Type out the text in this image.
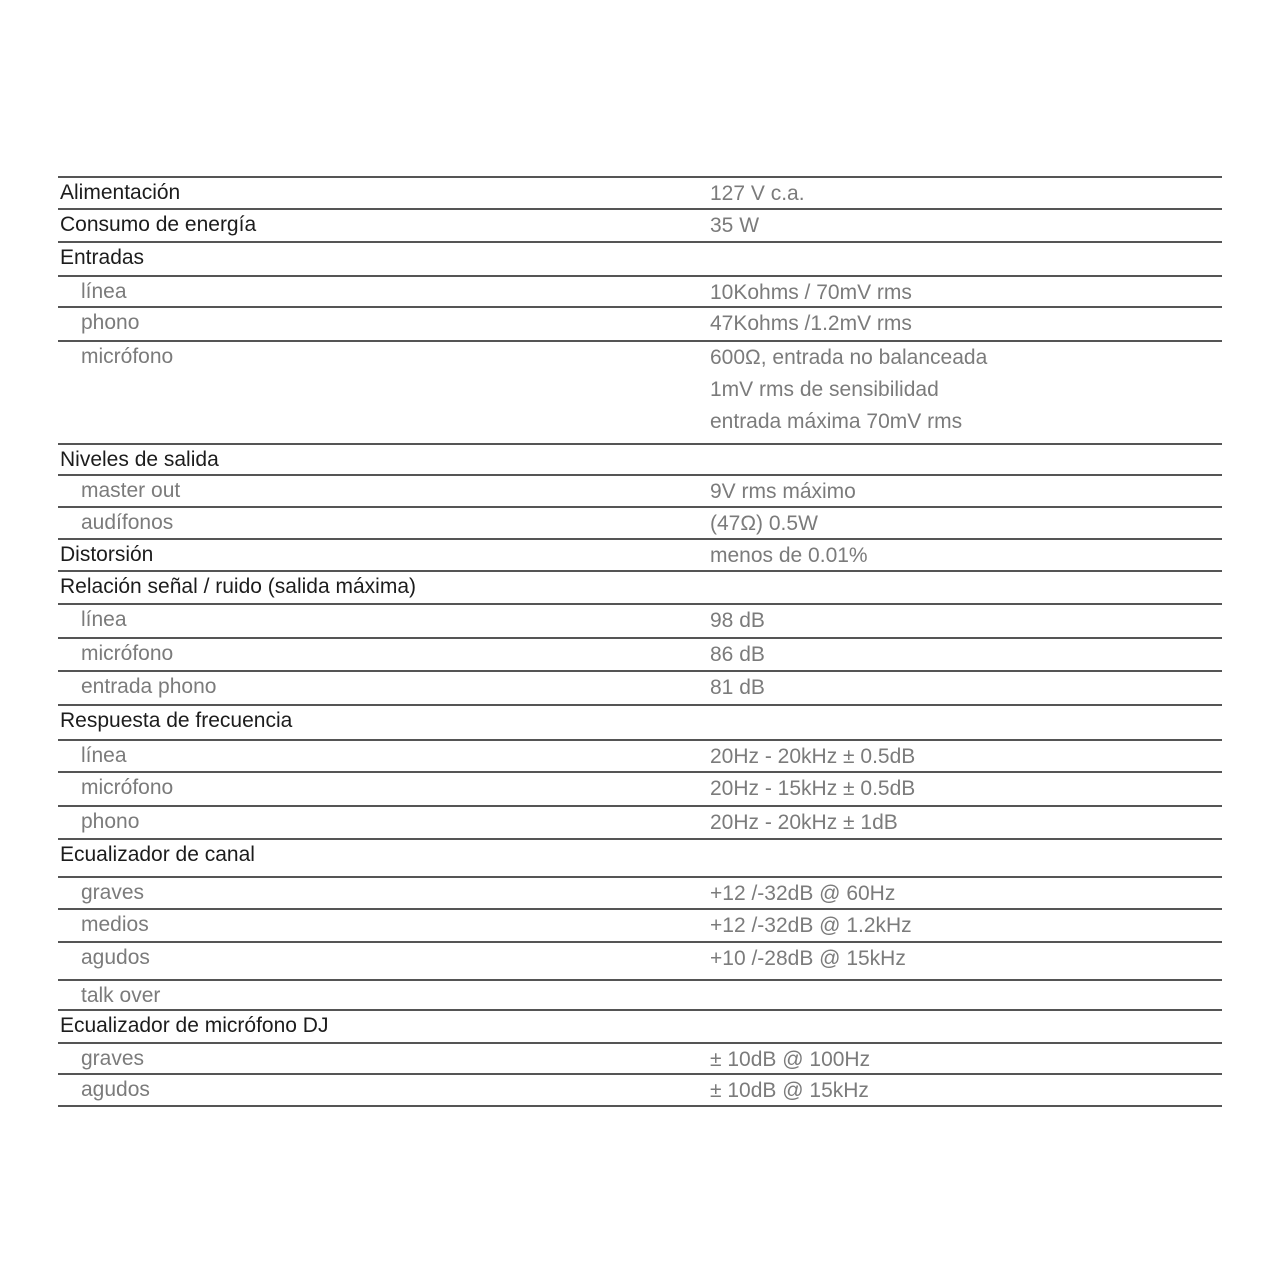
Alimentación	127 V c.a.
Consumo de energía	35 W
Entradas
línea	10Kohms / 70mV rms
phono	47Kohms /1.2mV rms
micrófono	600Ω, entrada no balanceada
1mV rms de sensibilidad
entrada máxima 70mV rms
Niveles de salida
master out	9V rms máximo
audífonos	(47Ω) 0.5W
Distorsión	menos de 0.01%
Relación señal / ruido (salida máxima)
línea	98 dB
micrófono	86 dB
entrada phono	81 dB
Respuesta de frecuencia
línea	20Hz - 20kHz ± 0.5dB
micrófono	20Hz - 15kHz ± 0.5dB
phono	20Hz - 20kHz ± 1dB
Ecualizador de canal
graves	+12 /-32dB @ 60Hz
medios	+12 /-32dB @ 1.2kHz
agudos	+10 /-28dB @ 15kHz
talk over
Ecualizador de micrófono DJ
graves	± 10dB @ 100Hz
agudos	± 10dB @ 15kHz
